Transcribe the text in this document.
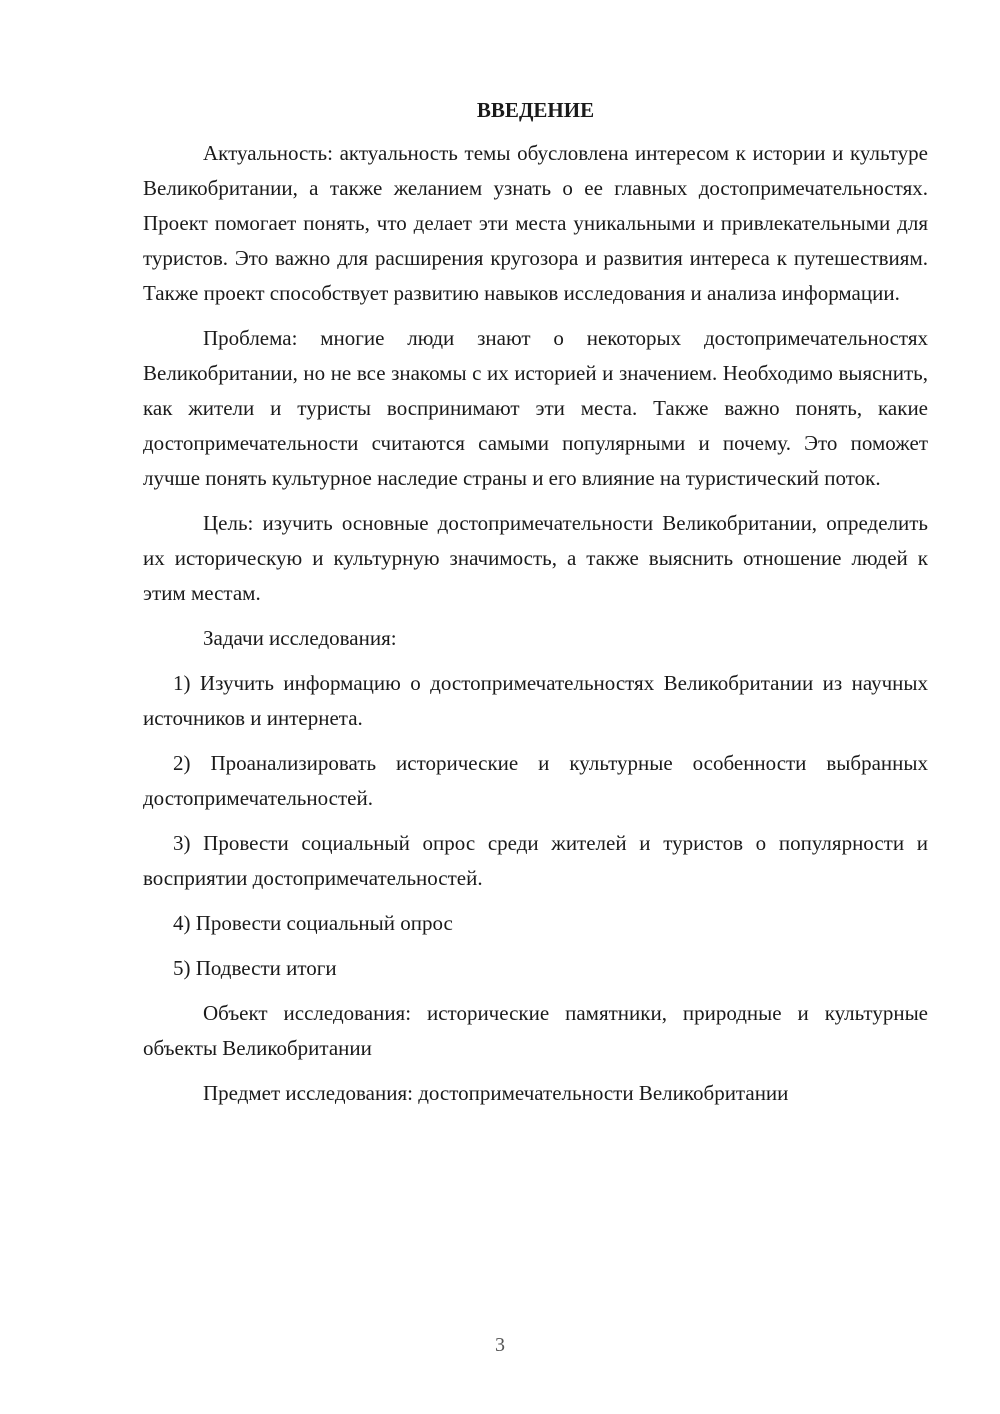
ВВЕДЕНИЕ

Актуальность: актуальность темы обусловлена интересом к истории и культуре Великобритании, а также желанием узнать о ее главных достопримечательностях. Проект помогает понять, что делает эти места уникальными и привлекательными для туристов. Это важно для расширения кругозора и развития интереса к путешествиям. Также проект способствует развитию навыков исследования и анализа информации.

Проблема: многие люди знают о некоторых достопримечательностях Великобритании, но не все знакомы с их историей и значением. Необходимо выяснить, как жители и туристы воспринимают эти места. Также важно понять, какие достопримечательности считаются самыми популярными и почему. Это поможет лучше понять культурное наследие страны и его влияние на туристический поток.

Цель: изучить основные достопримечательности Великобритании, определить их историческую и культурную значимость, а также выяснить отношение людей к этим местам.

Задачи исследования:

1) Изучить информацию о достопримечательностях Великобритании из научных источников и интернета.

2) Проанализировать исторические и культурные особенности выбранных достопримечательностей.

3) Провести социальный опрос среди жителей и туристов о популярности и восприятии достопримечательностей.

4) Провести социальный опрос

5) Подвести итоги

Объект исследования: исторические памятники, природные и культурные объекты Великобритании

Предмет исследования: достопримечательности Великобритании

3
